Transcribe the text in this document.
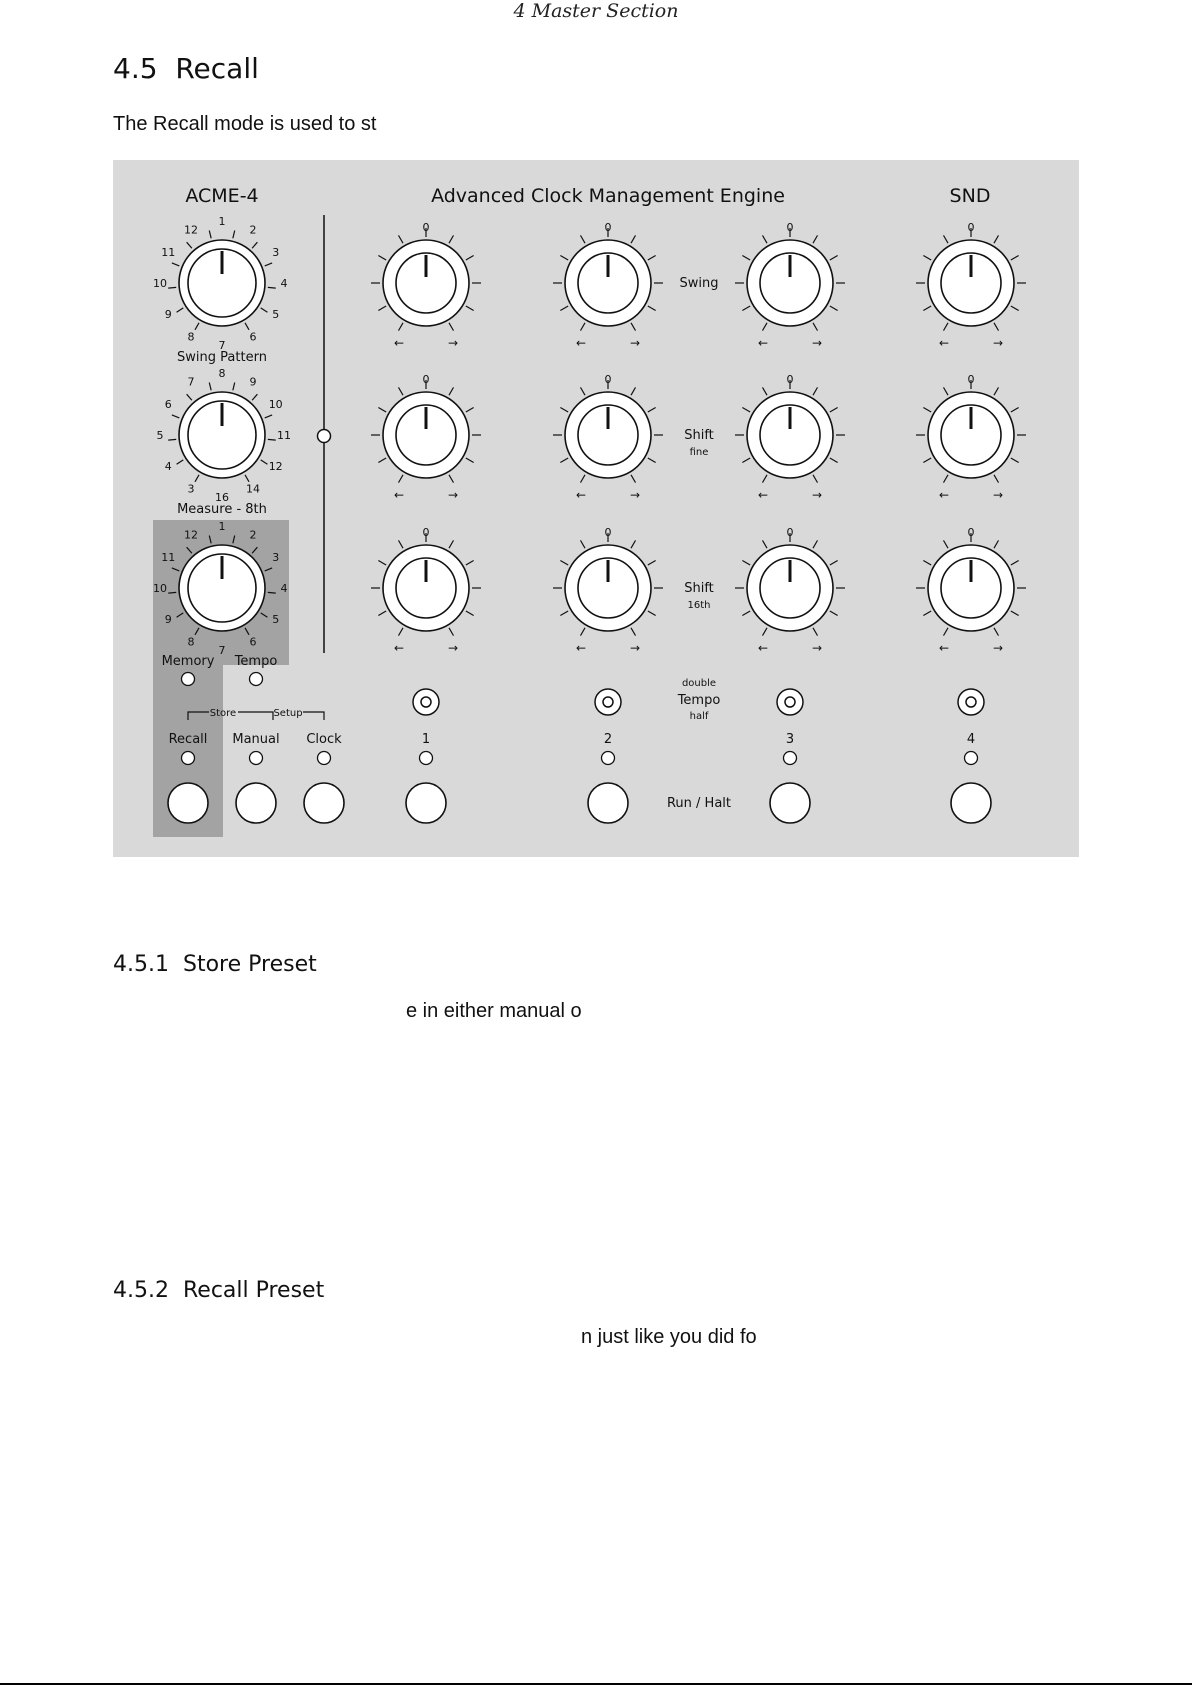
4 Master Section
4.5 Recall
The Recall mode is used to st
ACME-4	Advanced Clock Management Engine	SND
1
2
3
4
5
6
7
8
9
10
11
12
Swing Pattern
8
9
10
11
12
14
16
3
4
5
6
7
Measure - 8th
1
2
3
4
5
6
7
8
9
10
11
12
0
←	→
0
←	→
0
←	→
0
←	→
0
←	→
0
←	→
0
←	→
0
←	→
0
←	→
0
←	→
0
←	→
0
←	→
Swing
Shift
fine
Shift
16th
Memory Tempo
double
Tempo
half
Store	Setup
Recall Manual Clock	1	2	3	4
Run / Halt
4.5.1 Store Preset
e in either manual o
4.5.2 Recall Preset
n just like you did fo
